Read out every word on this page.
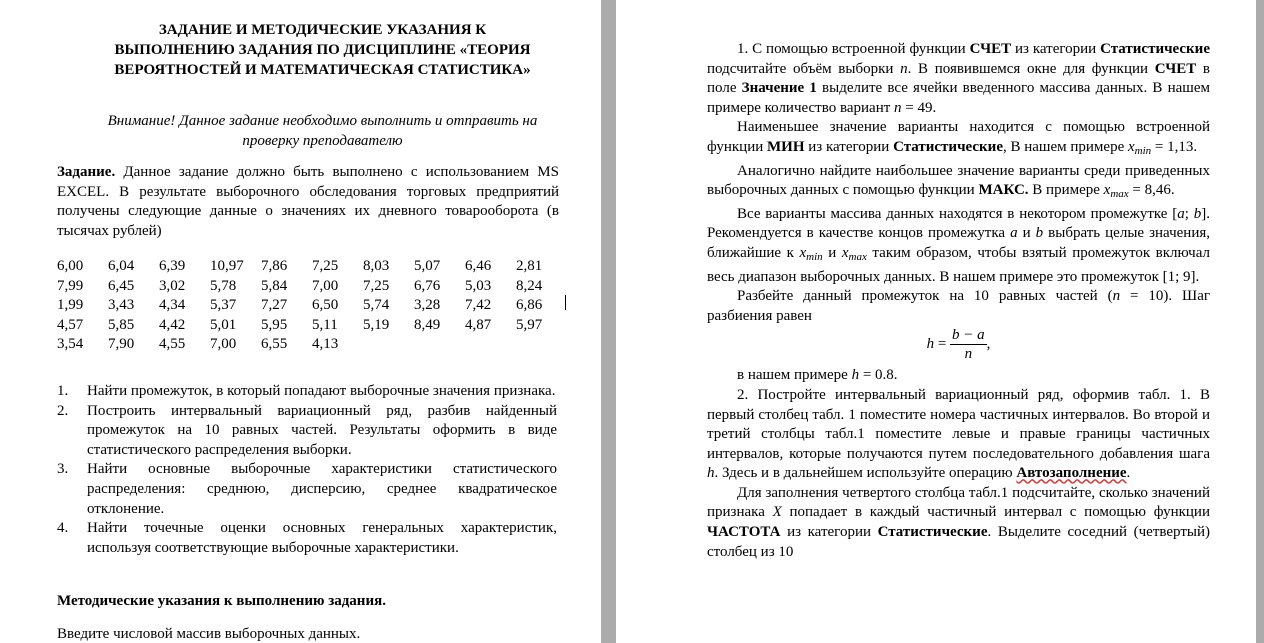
ЗАДАНИЕ И МЕТОДИЧЕСКИЕ УКАЗАНИЯ К ВЫПОЛНЕНИЮ ЗАДАНИЯ ПО ДИСЦИПЛИНЕ «ТЕОРИЯ ВЕРОЯТНОСТЕЙ И МАТЕМАТИЧЕСКАЯ СТАТИСТИКА»
Внимание! Данное задание необходимо выполнить и отправить на проверку преподавателю
Задание. Данное задание должно быть выполнено с использованием MS EXCEL. В результате выборочного обследования торговых предприятий получены следующие данные о значениях их дневного товарооборота (в тысячах рублей)
6,00	6,04	6,39	10,97	7,86	7,25	8,03	5,07	6,46	2,81
7,99	6,45	3,02	5,78	5,84	7,00	7,25	6,76	5,03	8,24
1,99	3,43	4,34	5,37	7,27	6,50	5,74	3,28	7,42	6,86
4,57	5,85	4,42	5,01	5,95	5,11	5,19	8,49	4,87	5,97
3,54	7,90	4,55	7,00	6,55	4,13				
1. Найти промежуток, в который попадают выборочные значения признака.
2. Построить интервальный вариационный ряд, разбив найденный промежуток на 10 равных частей. Результаты оформить в виде статистического распределения выборки.
3. Найти основные выборочные характеристики статистического распределения: среднюю, дисперсию, среднее квадратическое отклонение.
4. Найти точечные оценки основных генеральных характеристик, используя соответствующие выборочные характеристики.
Методические указания к выполнению задания.
Введите числовой массив выборочных данных.

1. С помощью встроенной функции СЧЕТ из категории Статистические подсчитайте объём выборки n. В появившемся окне для функции СЧЕТ в поле Значение 1 выделите все ячейки введенного массива данных. В нашем примере количество вариант n = 49.

Наименьшее значение варианты находится с помощью встроенной функции МИН из категории Статистические, В нашем примере $x_{min} = 1,13$.

Аналогично найдите наибольшее значение варианты среди приведенных выборочных данных с помощью функции МАКС. В примере $x_{max} = 8,46$.

Все варианты массива данных находятся в некотором промежутке [a; b]. Рекомендуется в качестве концов промежутка a и b выбрать целые значения, ближайшие к $x_{min}$ и $x_{max}$ таким образом, чтобы взятый промежуток включал весь диапазон выборочных данных. В нашем примере это промежуток [1; 9].

Разбейте данный промежуток на 10 равных частей (n = 10). Шаг разбиения равен

$h = \frac{b - a}{n}$ ,

в нашем примере h = 0.8.

2. Постройте интервальный вариационный ряд, оформив табл. 1. В первый столбец табл. 1 поместите номера частичных интервалов. Во второй и третий столбцы табл.1 поместите левые и правые границы частичных интервалов, которые получаются путем последовательного добавления шага h. Здесь и в дальнейшем используйте операцию Автозаполнение.

Для заполнения четвертого столбца табл.1 подсчитайте, сколько значений признака X попадает в каждый частичный интервал с помощью функции ЧАСТОТА из категории Статистические. Выделите соседний (четвертый) столбец из 10
